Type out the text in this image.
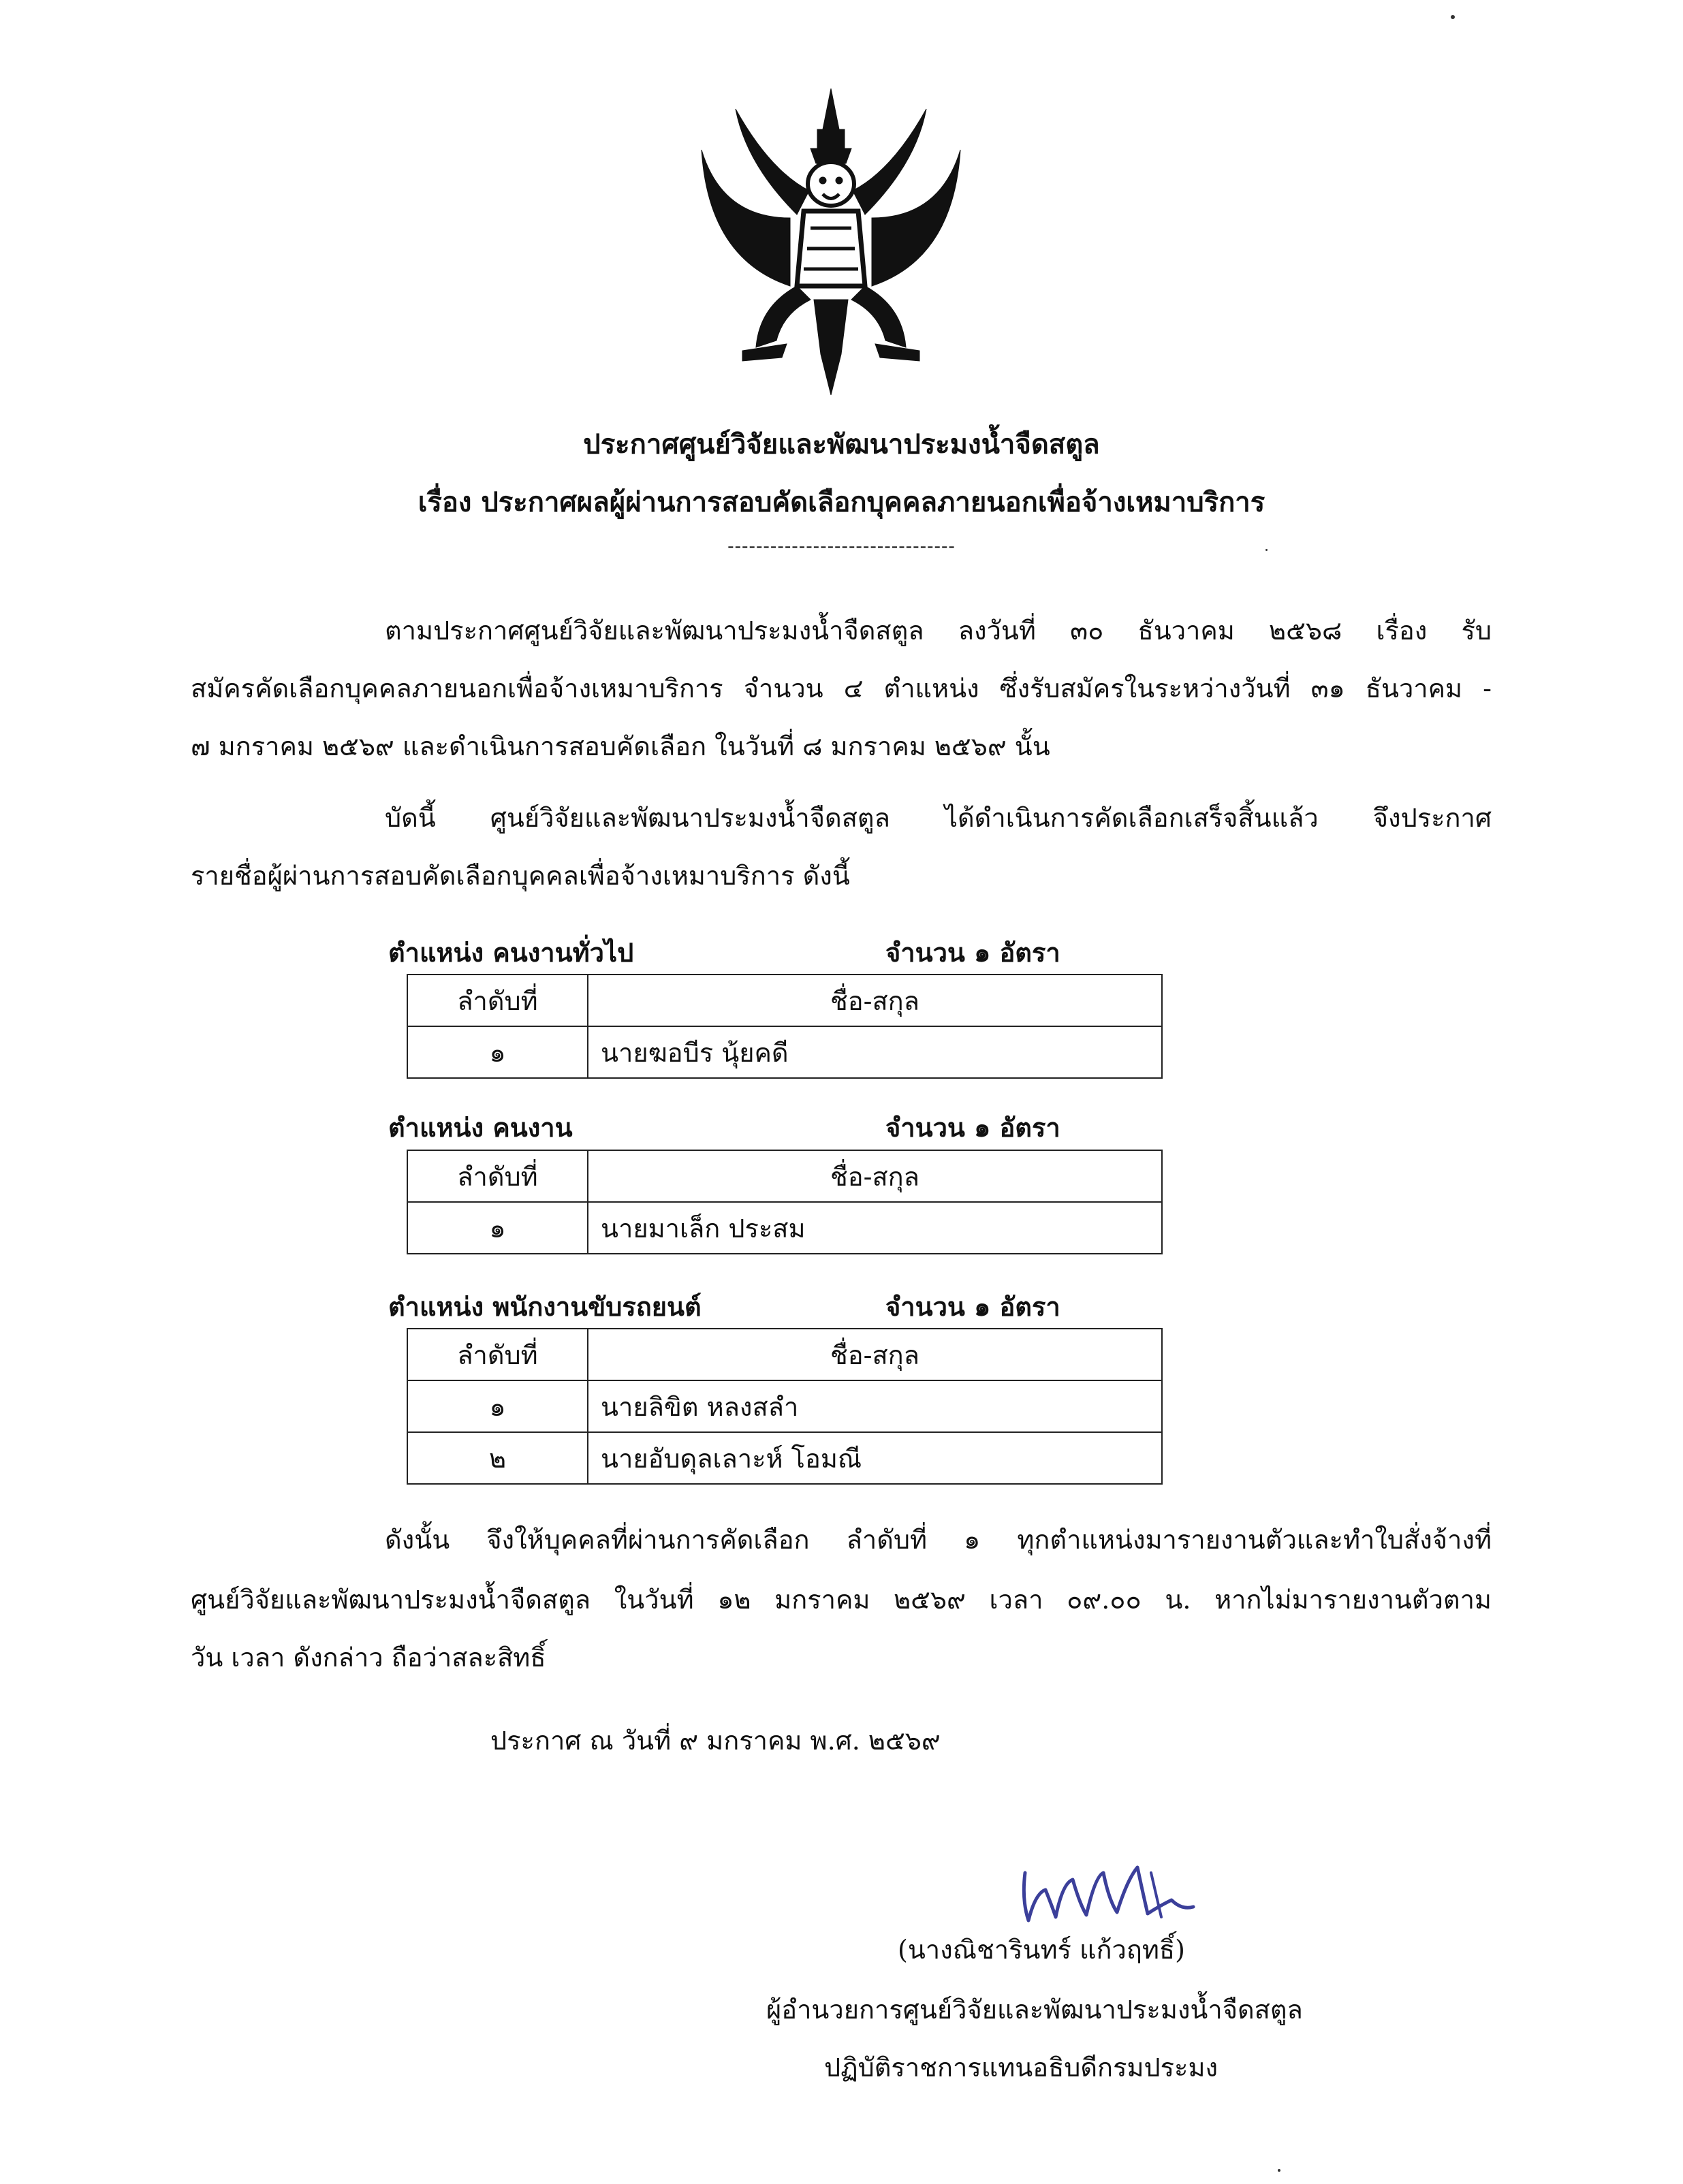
ประกาศศูนย์วิจัยและพัฒนาประมงน้ำจืดสตูล
เรื่อง ประกาศผลผู้ผ่านการสอบคัดเลือกบุคคลภายนอกเพื่อจ้างเหมาบริการ
--------------------------------
ตามประกาศศูนย์วิจัยและพัฒนาประมงน้ำจืดสตูล ลงวันที่ ๓๐ ธันวาคม ๒๕๖๘ เรื่อง รับ
สมัครคัดเลือกบุคคลภายนอกเพื่อจ้างเหมาบริการ จำนวน ๔ ตำแหน่ง ซึ่งรับสมัครในระหว่างวันที่ ๓๑ ธันวาคม -
๗ มกราคม ๒๕๖๙ และดำเนินการสอบคัดเลือก ในวันที่ ๘ มกราคม ๒๕๖๙ นั้น
บัดนี้ ศูนย์วิจัยและพัฒนาประมงน้ำจืดสตูล ได้ดำเนินการคัดเลือกเสร็จสิ้นแล้ว จึงประกาศ
รายชื่อผู้ผ่านการสอบคัดเลือกบุคคลเพื่อจ้างเหมาบริการ ดังนี้
ตำแหน่ง คนงานทั่วไป	จำนวน ๑ อัตรา
ลำดับที่	ชื่อ-สกุล
๑	นายฆอบีร นุ้ยคดี
ตำแหน่ง คนงาน	จำนวน ๑ อัตรา
ลำดับที่	ชื่อ-สกุล
๑	นายมาเล็ก ประสม
ตำแหน่ง พนักงานขับรถยนต์	จำนวน ๑ อัตรา
ลำดับที่	ชื่อ-สกุล
๑	นายลิขิต หลงสลำ
๒	นายอับดุลเลาะห์ โอมณี
ดังนั้น จึงให้บุคคลที่ผ่านการคัดเลือก ลำดับที่ ๑ ทุกตำแหน่งมารายงานตัวและทำใบสั่งจ้างที่
ศูนย์วิจัยและพัฒนาประมงน้ำจืดสตูล ในวันที่ ๑๒ มกราคม ๒๕๖๙ เวลา ๐๙.๐๐ น. หากไม่มารายงานตัวตาม
วัน เวลา ดังกล่าว ถือว่าสละสิทธิ์
ประกาศ ณ วันที่ ๙ มกราคม พ.ศ. ๒๕๖๙
(นางณิชารินทร์ แก้วฤทธิ์)
ผู้อำนวยการศูนย์วิจัยและพัฒนาประมงน้ำจืดสตูล
ปฏิบัติราชการแทนอธิบดีกรมประมง
